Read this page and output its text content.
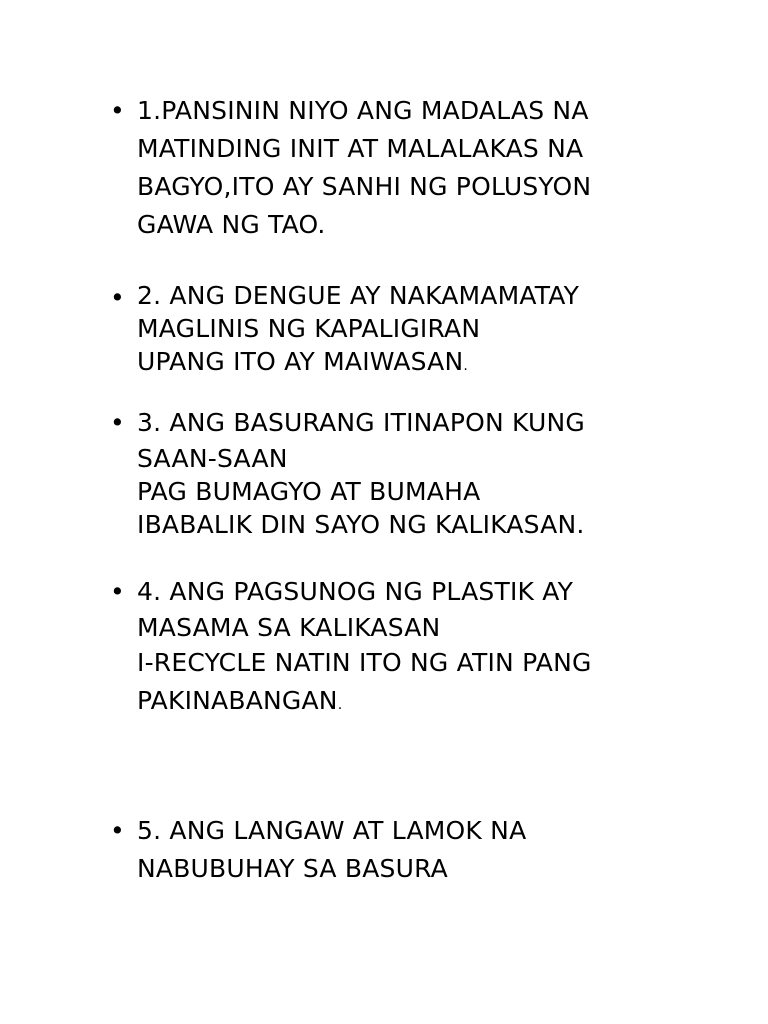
• 1.PANSININ NIYO ANG MADALAS NA
MATINDING INIT AT MALALAKAS NA
BAGYO,ITO AY SANHI NG POLUSYON
GAWA NG TAO.
• 2. ANG DENGUE AY NAKAMAMATAY
MAGLINIS NG KAPALIGIRAN
UPANG ITO AY MAIWASAN.
• 3. ANG BASURANG ITINAPON KUNG
SAAN-SAAN
PAG BUMAGYO AT BUMAHA
IBABALIK DIN SAYO NG KALIKASAN.
• 4. ANG PAGSUNOG NG PLASTIK AY
MASAMA SA KALIKASAN
I-RECYCLE NATIN ITO NG ATIN PANG
PAKINABANGAN.
• 5. ANG LANGAW AT LAMOK NA
NABUBUHAY SA BASURA
